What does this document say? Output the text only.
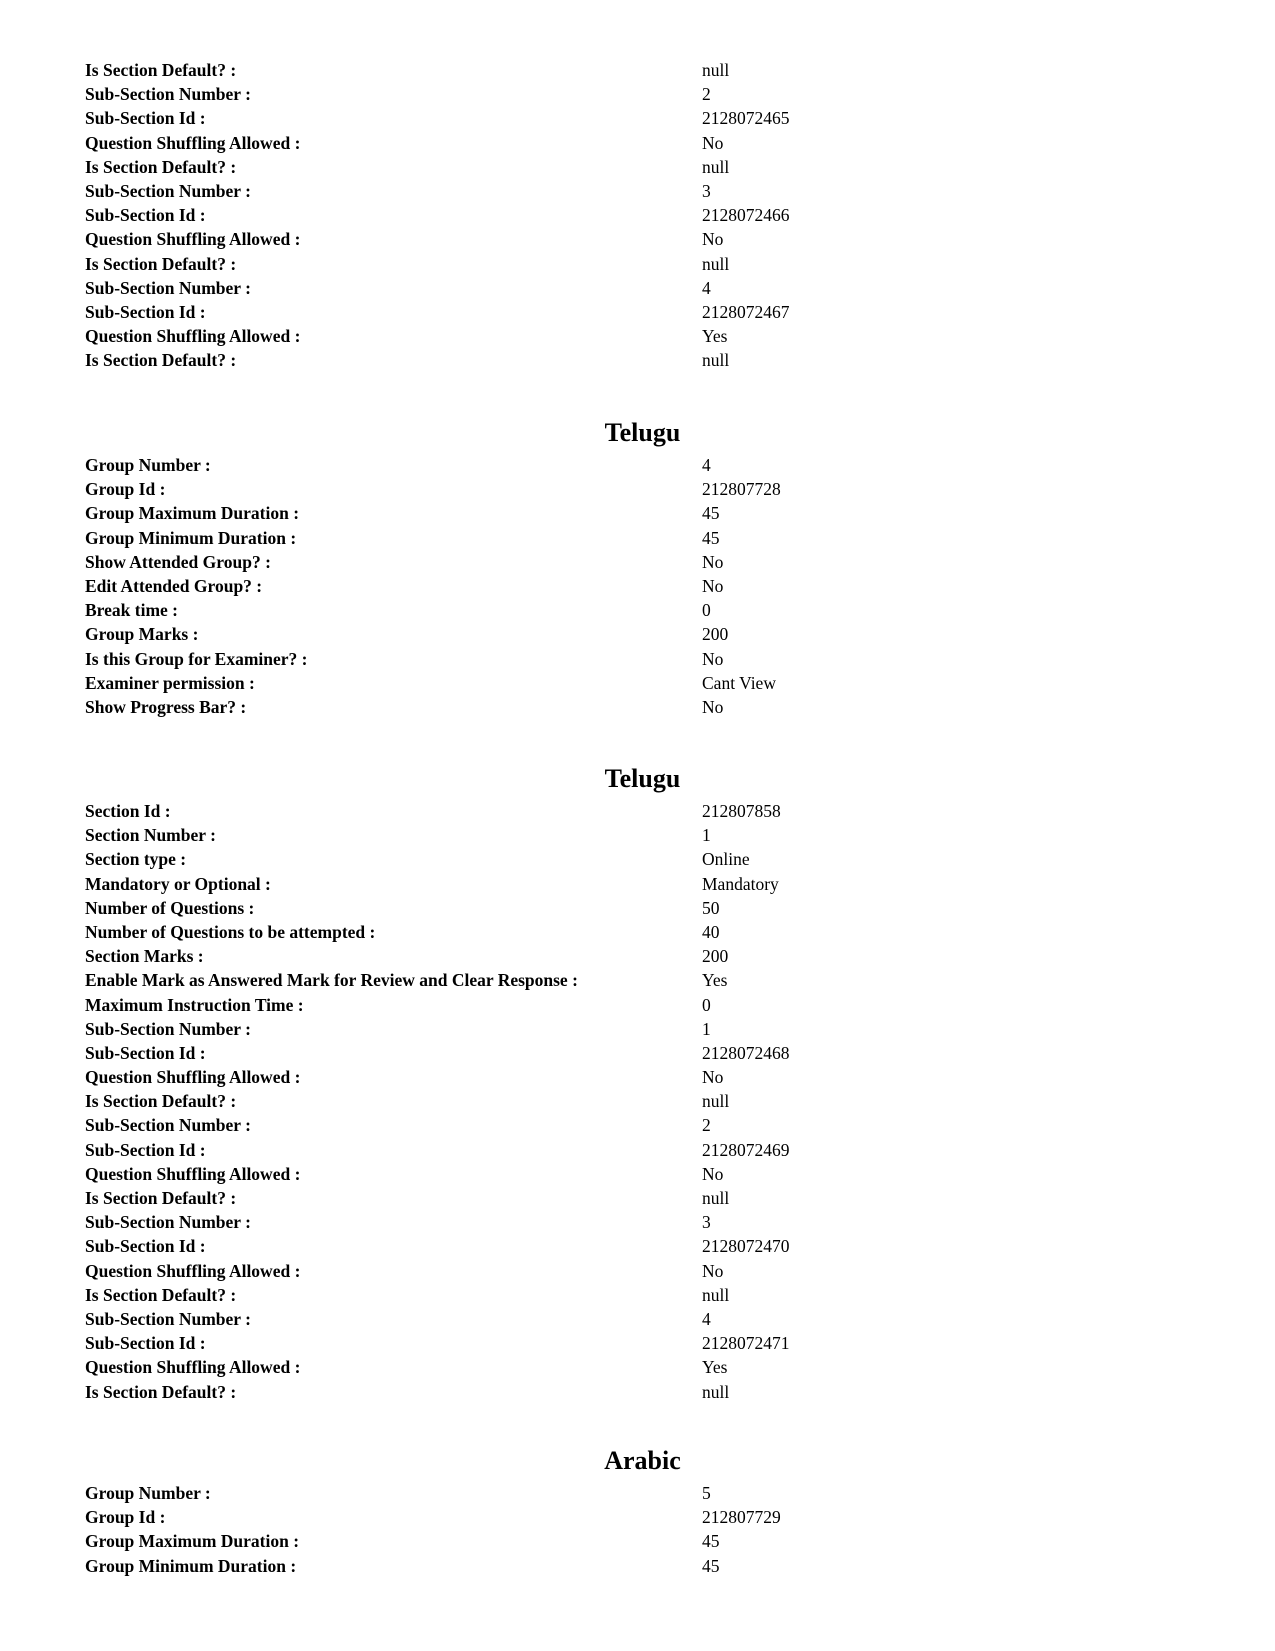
Is Section Default? :	null
Sub-Section Number :	2
Sub-Section Id :	2128072465
Question Shuffling Allowed :	No
Is Section Default? :	null
Sub-Section Number :	3
Sub-Section Id :	2128072466
Question Shuffling Allowed :	No
Is Section Default? :	null
Sub-Section Number :	4
Sub-Section Id :	2128072467
Question Shuffling Allowed :	Yes
Is Section Default? :	null
Telugu
Group Number :	4
Group Id :	212807728
Group Maximum Duration :	45
Group Minimum Duration :	45
Show Attended Group? :	No
Edit Attended Group? :	No
Break time :	0
Group Marks :	200
Is this Group for Examiner? :	No
Examiner permission :	Cant View
Show Progress Bar? :	No
Telugu
Section Id :	212807858
Section Number :	1
Section type :	Online
Mandatory or Optional :	Mandatory
Number of Questions :	50
Number of Questions to be attempted :	40
Section Marks :	200
Enable Mark as Answered Mark for Review and Clear Response :	Yes
Maximum Instruction Time :	0
Sub-Section Number :	1
Sub-Section Id :	2128072468
Question Shuffling Allowed :	No
Is Section Default? :	null
Sub-Section Number :	2
Sub-Section Id :	2128072469
Question Shuffling Allowed :	No
Is Section Default? :	null
Sub-Section Number :	3
Sub-Section Id :	2128072470
Question Shuffling Allowed :	No
Is Section Default? :	null
Sub-Section Number :	4
Sub-Section Id :	2128072471
Question Shuffling Allowed :	Yes
Is Section Default? :	null
Arabic
Group Number :	5
Group Id :	212807729
Group Maximum Duration :	45
Group Minimum Duration :	45
